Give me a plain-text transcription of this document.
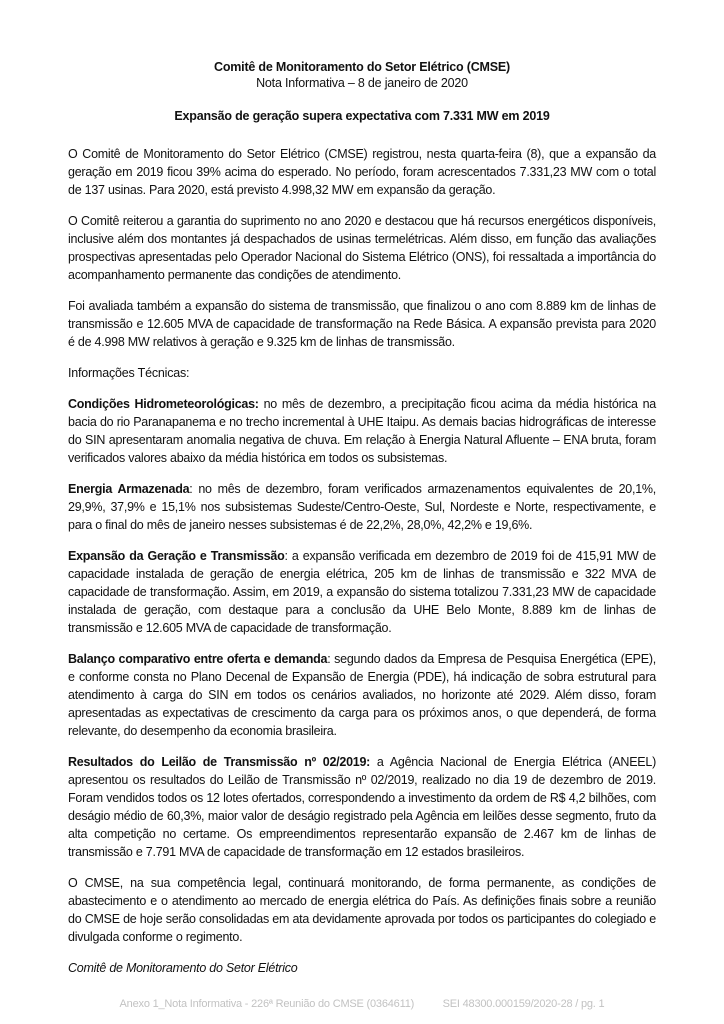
Comitê de Monitoramento do Setor Elétrico (CMSE)
Nota Informativa – 8 de janeiro de 2020
Expansão de geração supera expectativa com 7.331 MW em 2019

O Comitê de Monitoramento do Setor Elétrico (CMSE) registrou, nesta quarta-feira (8), que a expansão da geração em 2019 ficou 39% acima do esperado. No período, foram acrescentados 7.331,23 MW com o total de 137 usinas. Para 2020, está previsto 4.998,32 MW em expansão da geração.

O Comitê reiterou a garantia do suprimento no ano 2020 e destacou que há recursos energéticos disponíveis, inclusive além dos montantes já despachados de usinas termelétricas. Além disso, em função das avaliações prospectivas apresentadas pelo Operador Nacional do Sistema Elétrico (ONS), foi ressaltada a importância do acompanhamento permanente das condições de atendimento.

Foi avaliada também a expansão do sistema de transmissão, que finalizou o ano com 8.889 km de linhas de transmissão e 12.605 MVA de capacidade de transformação na Rede Básica. A expansão prevista para 2020 é de 4.998 MW relativos à geração e 9.325 km de linhas de transmissão.

Informações Técnicas:

Condições Hidrometeorológicas: no mês de dezembro, a precipitação ficou acima da média histórica na bacia do rio Paranapanema e no trecho incremental à UHE Itaipu. As demais bacias hidrográficas de interesse do SIN apresentaram anomalia negativa de chuva. Em relação à Energia Natural Afluente – ENA bruta, foram verificados valores abaixo da média histórica em todos os subsistemas.

Energia Armazenada: no mês de dezembro, foram verificados armazenamentos equivalentes de 20,1%, 29,9%, 37,9% e 15,1% nos subsistemas Sudeste/Centro-Oeste, Sul, Nordeste e Norte, respectivamente, e para o final do mês de janeiro nesses subsistemas é de 22,2%, 28,0%, 42,2% e 19,6%.

Expansão da Geração e Transmissão: a expansão verificada em dezembro de 2019 foi de 415,91 MW de capacidade instalada de geração de energia elétrica, 205 km de linhas de transmissão e 322 MVA de capacidade de transformação. Assim, em 2019, a expansão do sistema totalizou 7.331,23 MW de capacidade instalada de geração, com destaque para a conclusão da UHE Belo Monte, 8.889 km de linhas de transmissão e 12.605 MVA de capacidade de transformação.

Balanço comparativo entre oferta e demanda: segundo dados da Empresa de Pesquisa Energética (EPE), e conforme consta no Plano Decenal de Expansão de Energia (PDE), há indicação de sobra estrutural para atendimento à carga do SIN em todos os cenários avaliados, no horizonte até 2029. Além disso, foram apresentadas as expectativas de crescimento da carga para os próximos anos, o que dependerá, de forma relevante, do desempenho da economia brasileira.

Resultados do Leilão de Transmissão nº 02/2019: a Agência Nacional de Energia Elétrica (ANEEL) apresentou os resultados do Leilão de Transmissão nº 02/2019, realizado no dia 19 de dezembro de 2019. Foram vendidos todos os 12 lotes ofertados, correspondendo a investimento da ordem de R$ 4,2 bilhões, com deságio médio de 60,3%, maior valor de deságio registrado pela Agência em leilões desse segmento, fruto da alta competição no certame. Os empreendimentos representarão expansão de 2.467 km de linhas de transmissão e 7.791 MVA de capacidade de transformação em 12 estados brasileiros.

O CMSE, na sua competência legal, continuará monitorando, de forma permanente, as condições de abastecimento e o atendimento ao mercado de energia elétrica do País. As definições finais sobre a reunião do CMSE de hoje serão consolidadas em ata devidamente aprovada por todos os participantes do colegiado e divulgada conforme o regimento.

Comitê de Monitoramento do Setor Elétrico

Anexo 1_Nota Informativa - 226ª Reunião do CMSE (0364611)          SEI 48300.000159/2020-28 / pg. 1
